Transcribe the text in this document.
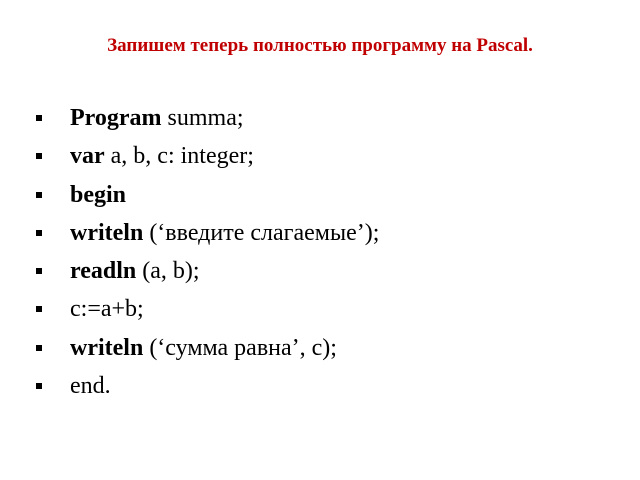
Запишем теперь полностью программу на Pascal.
Program summa;
var a, b, c: integer;
begin
writeln (‘введите слагаемые’);
readln (a, b);
c:=a+b;
writeln (‘сумма равна’, c);
end.
